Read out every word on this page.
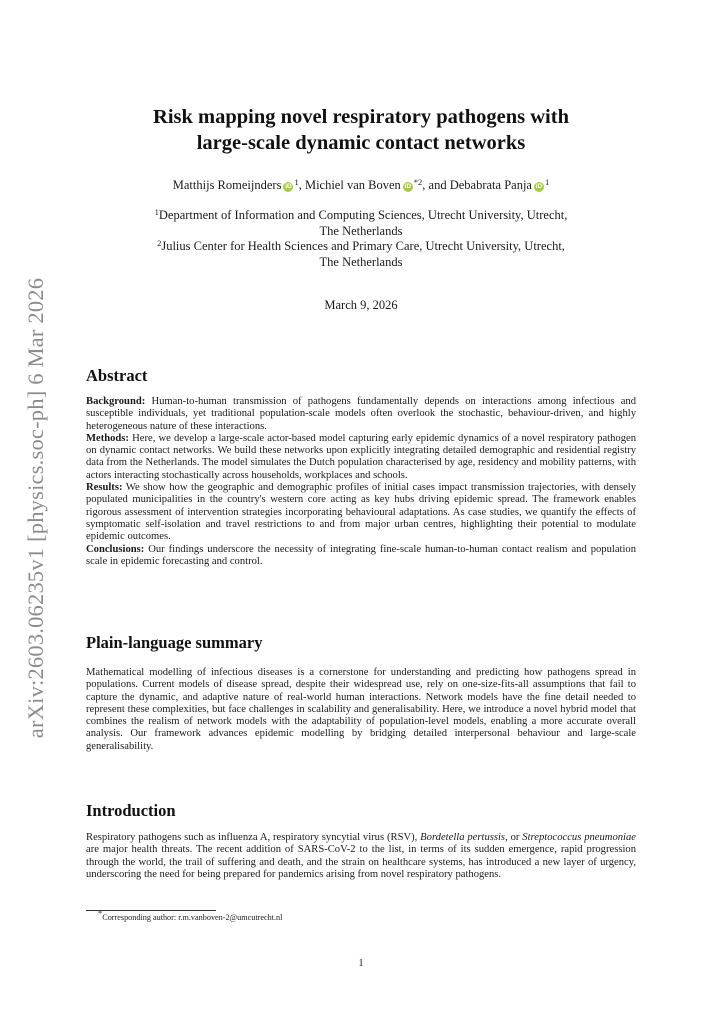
arXiv:2603.06235v1 [physics.soc-ph] 6 Mar 2026
Risk mapping novel respiratory pathogens with
large-scale dynamic contact networks
Matthijs Romeijnders iD $^1$, Michiel van Boven iD $^{*2}$, and Debabrata Panja iD $^1$

$^1$Department of Information and Computing Sciences, Utrecht University, Utrecht,
The Netherlands

$^2$Julius Center for Health Sciences and Primary Care, Utrecht University, Utrecht,
The Netherlands

March 9, 2026
Abstract

Background: Human-to-human transmission of pathogens fundamentally depends on interactions among infectious and susceptible individuals, yet traditional population-scale models often overlook the stochastic, behaviour-driven, and highly heterogeneous nature of these interactions.

Methods: Here, we develop a large-scale actor-based model capturing early epidemic dynamics of a novel respiratory pathogen on dynamic contact networks. We build these networks upon explicitly integrating detailed demographic and residential registry data from the Netherlands. The model simulates the Dutch population characterised by age, residency and mobility patterns, with actors interacting stochastically across households, workplaces and schools.

Results: We show how the geographic and demographic profiles of initial cases impact transmission trajectories, with densely populated municipalities in the country's western core acting as key hubs driving epidemic spread. The framework enables rigorous assessment of intervention strategies incorporating behavioural adaptations. As case studies, we quantify the effects of symptomatic self-isolation and travel restrictions to and from major urban centres, highlighting their potential to modulate epidemic outcomes.

Conclusions: Our findings underscore the necessity of integrating fine-scale human-to-human contact realism and population scale in epidemic forecasting and control.

Plain-language summary

Mathematical modelling of infectious diseases is a cornerstone for understanding and predicting how pathogens spread in populations. Current models of disease spread, despite their widespread use, rely on one-size-fits-all assumptions that fail to capture the dynamic, and adaptive nature of real-world human interactions. Network models have the fine detail needed to represent these complexities, but face challenges in scalability and generalisability. Here, we introduce a novel hybrid model that combines the realism of network models with the adaptability of population-level models, enabling a more accurate overall analysis. Our framework advances epidemic modelling by bridging detailed interpersonal behaviour and large-scale generalisability.

Introduction

Respiratory pathogens such as influenza A, respiratory syncytial virus (RSV), Bordetella pertussis, or Streptococcus pneumoniae are major health threats. The recent addition of SARS-CoV-2 to the list, in terms of its sudden emergence, rapid progression through the world, the trail of suffering and death, and the strain on healthcare systems, has introduced a new layer of urgency, underscoring the need for being prepared for pandemics arising from novel respiratory pathogens.

*Corresponding author: r.m.vanboven-2@umcutrecht.nl
1
